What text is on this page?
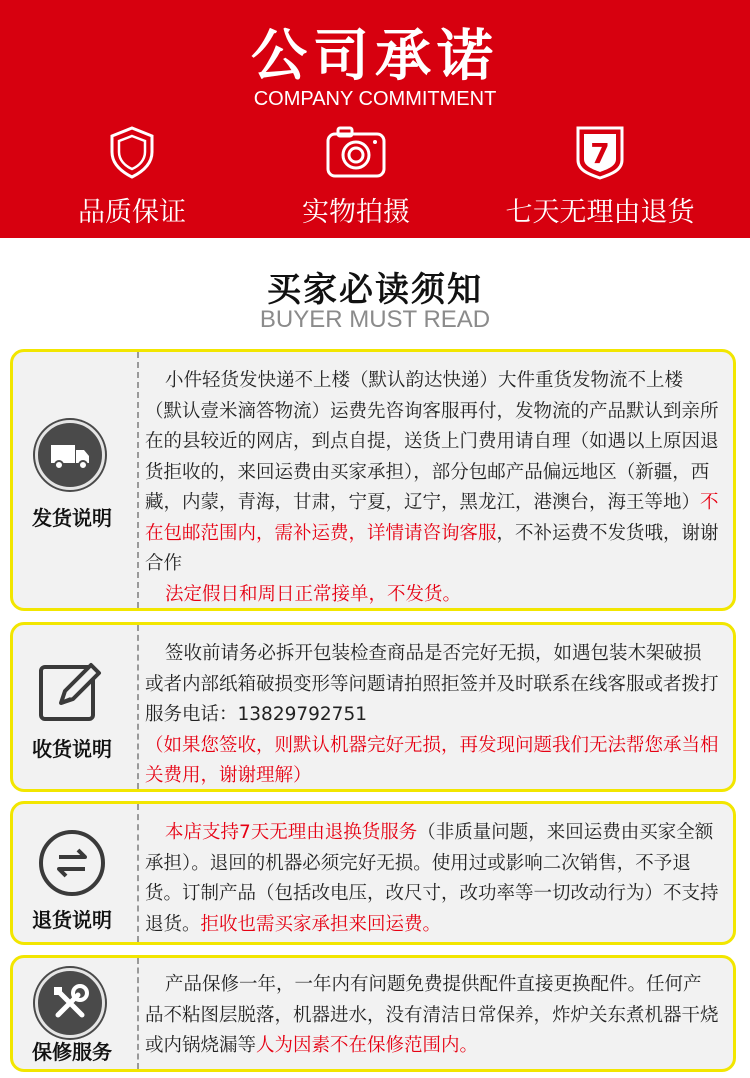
公司承诺
COMPANY COMMITMENT
品质保证	实物拍摄
7
七天无理由退货
买家必读须知
BUYER MUST READ
发货说明
小件轻货发快递不上楼（默认韵达快递）大件重货发物流不上楼（默认壹米滴答物流）运费先咨询客服再付，发物流的产品默认到亲所在的县较近的网店，到点自提，送货上门费用请自理（如遇以上原因退货拒收的，来回运费由买家承担），部分包邮产品偏远地区（新疆，西藏，内蒙，青海，甘肃，宁夏，辽宁，黑龙江，港澳台，海王等地）不在包邮范围内，需补运费，详情请咨询客服，不补运费不发货哦，谢谢合作
法定假日和周日正常接单，不发货。
收货说明
签收前请务必拆开包装检查商品是否完好无损，如遇包装木架破损或者内部纸箱破损变形等问题请拍照拒签并及时联系在线客服或者拨打服务电话：13829792751
（如果您签收，则默认机器完好无损，再发现问题我们无法帮您承当相关费用，谢谢理解）
退货说明
本店支持7天无理由退换货服务（非质量问题，来回运费由买家全额承担）。退回的机器必须完好无损。使用过或影响二次销售，不予退货。订制产品（包括改电压，改尺寸，改功率等一切改动行为）不支持退货。拒收也需买家承担来回运费。
保修服务
产品保修一年，一年内有问题免费提供配件直接更换配件。任何产品不粘图层脱落，机器进水，没有清洁日常保养，炸炉关东煮机器干烧或内锅烧漏等人为因素不在保修范围内。
